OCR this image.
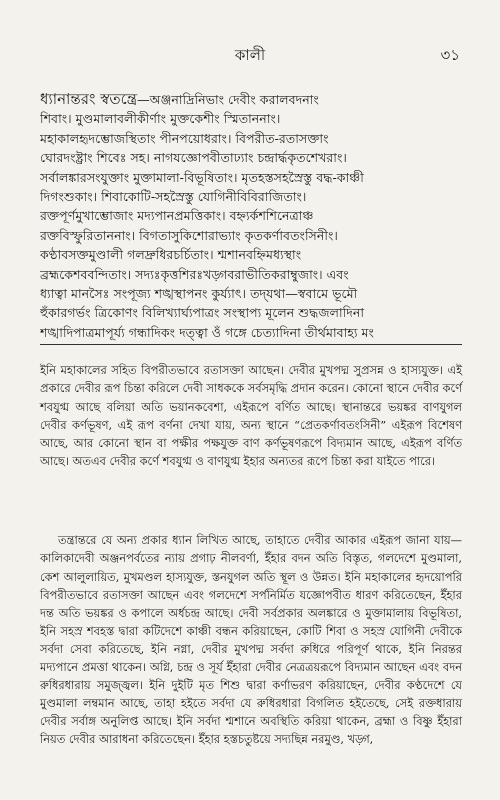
কালী	৩১
ধ্যানান্তরং স্বতন্ত্রে—অঞ্জনাদ্রিনিভাং দেবীং করালবদনাং
শিবাং। মুণ্ডমালাবলীকীর্ণাং মুক্তকেশীং স্মিতাননাং।
মহাকালহৃদম্ভোজস্থিতাং পীনপয়োধরাং। বিপরীত-রতাসক্তাং
ঘোরদংষ্ট্রাং শিবেঃ সহ। নাগযজ্ঞোপবীতাঢ্যাং চন্দ্রার্দ্ধকৃতশেখরাং।
সর্বালঙ্কারসংযুক্তাং মুক্তামালা-বিভূষিতাং। মৃতহস্তসহস্রৈস্তু বদ্ধ-কাঞ্চী
দিগংশুকাং। শিবাকোটি-সহস্রৈস্তু যোগিনীবিবিরাজিতাং।
রক্তপূর্ণমুখাম্ভোজাং মদ্যপানপ্রমত্তিকাং। বহ্ন্যর্কশশিনেত্রাঞ্চ
রক্তবিস্ফুরিতাননাং। বিগতাসুকিশোরাভ্যাং কৃতকর্ণাবতংসিনীং।
কণ্ঠাবসক্তমুণ্ডালী গলদ্রুধিরচর্চিতাং। শ্মশানবহ্নিমধ্যস্থাং
ব্রহ্মকেশববন্দিতাং। সদ্যঃকৃত্তশিরঃখড়্গবরাভীতিকরাম্বুজাং। এবং
ধ্যাত্বা মানসৈঃ সংপূজ্য শঙ্খস্থাপনং কুর্য্যাৎ। তদ্‌যথা—স্ববামে ভূমৌ
হুঁকারগর্ভং ত্রিকোণং বিলিখ্যার্ঘ্যপাত্রং সংস্থাপ্য মূলেন শুদ্ধজলাদিনা
শঙ্খাদিপাত্রমাপূর্য্য গন্ধাদিকং দত্ত্বা ওঁ গঙ্গে চেত্যাদিনা তীর্থমাবাহ্য মং

ইনি মহাকালের সহিত বিপরীতভাবে রতাসক্তা আছেন। দেবীর মুখপদ্ম সুপ্রসন্ন ও হাস্যযুক্ত। এই প্রকারে দেবীর রূপ চিন্তা করিলে দেবী সাধককে সর্বসমৃদ্ধি প্রদান করেন। কোনো স্থানে দেবীর কর্ণে শবযুগ্ম আছে বলিয়া অতি ভয়ানকবেশা, এইরূপে বর্ণিত আছে। স্থানান্তরে ভয়ঙ্কর বাণযুগল দেবীর কর্ণভূষণ, এই রূপ বর্ণনা দেখা যায়, অন্য স্থানে “প্রেতকর্ণাবতংসিনী” এইরূপ বিশেষণ আছে, আর কোনো স্থান বা পক্ষীর পক্ষযুক্ত বাণ কর্ণভূষণরূপে বিদ্যমান আছে, এইরূপ বর্ণিত আছে। অতএব দেবীর কর্ণে শবযুগ্ম ও বাণযুগ্ম ইহার অন্যতর রূপে চিন্তা করা যাইতে পারে।

তন্ত্রান্তরে যে অন্য প্রকার ধ্যান লিখিত আছে, তাহাতে দেবীর আকার এইরূপ জানা যায়—কালিকাদেবী অঞ্জনপর্বতের ন্যায় প্রগাঢ় নীলবর্ণা, ইঁহার বদন অতি বিস্তৃত, গলদেশে মুণ্ডমালা, কেশ আলুলায়িত, মুখমণ্ডল হাস্যযুক্ত, স্তনযুগল অতি স্থূল ও উন্নত। ইনি মহাকালের হৃদয়োপরি বিপরীতভাবে রতাসক্তা আছেন এবং গলদেশে সর্পনির্মিত যজ্ঞোপবীত ধারণ করিতেছেন, ইঁহার দন্ত অতি ভয়ঙ্কর ও কপালে অর্ধচন্দ্র আছে। দেবী সর্বপ্রকার অলঙ্কারে ও মুক্তামালায় বিভূষিতা, ইনি সহস্র শবহস্ত দ্বারা কটিদেশে কাঞ্চী বন্ধন করিয়াছেন, কোটি শিবা ও সহস্র যোগিনী দেবীকে সর্বদা সেবা করিতেছে, ইনি নগ্না, দেবীর মুখপদ্ম সর্বদা রুধিরে পরিপূর্ণ থাকে, ইনি নিরন্তর মদ্যপানে প্রমত্তা থাকেন। অগ্নি, চন্দ্র ও সূর্য ইঁহারা দেবীর নেত্রত্রয়রূপে বিদ্যমান আছেন এবং বদন রুধিরধারায় সমুজ্জ্বল। ইনি দুইটি মৃত শিশু দ্বারা কর্ণাভরণ করিয়াছেন, দেবীর কণ্ঠদেশে যে মুণ্ডমালা লম্বমান আছে, তাহা হইতে সর্বদা যে রুধিরধারা বিগলিত হইতেছে, সেই রক্তধারায় দেবীর সর্বাঙ্গ অনুলিপ্ত আছে। ইনি সর্বদা শ্মশানে অবস্থিতি করিয়া থাকেন, ব্রহ্মা ও বিষ্ণু ইঁহারা নিয়ত দেবীর আরাধনা করিতেছেন। ইঁহার হস্তচতুষ্টয়ে সদ্যছিন্ন নরমুণ্ড, খড়্গ,
